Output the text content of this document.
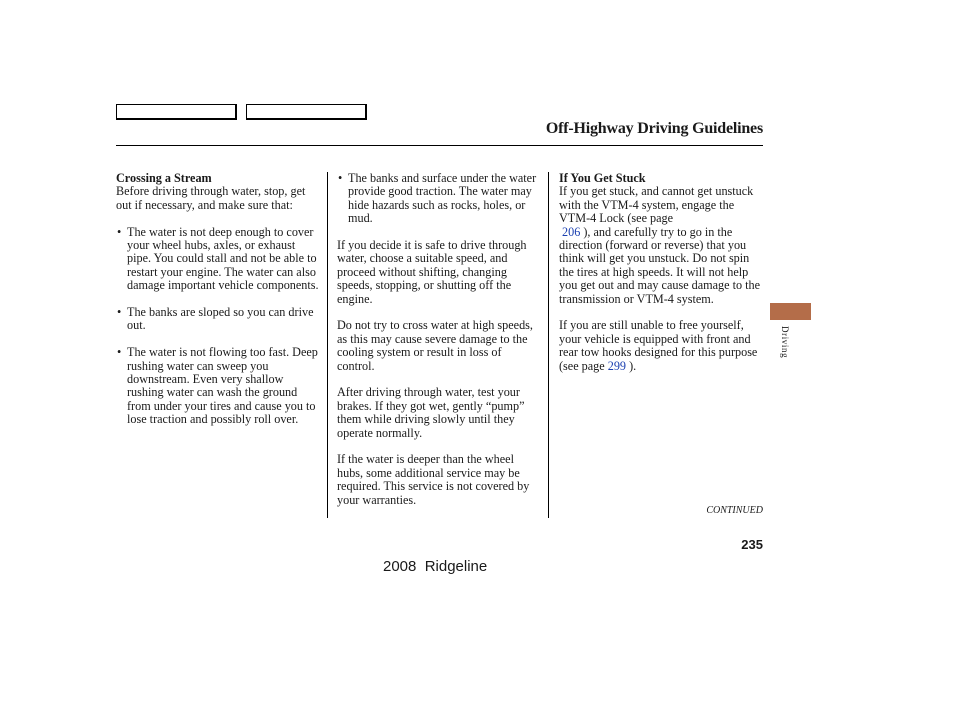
Off-Highway Driving Guidelines

Crossing a Stream

Before driving through water, stop, get out if necessary, and make sure that:

• The water is not deep enough to cover your wheel hubs, axles, or exhaust pipe. You could stall and not be able to restart your engine. The water can also damage important vehicle components.
• The banks are sloped so you can drive out.
• The water is not flowing too fast. Deep rushing water can sweep you downstream. Even very shallow rushing water can wash the ground from under your tires and cause you to lose traction and possibly roll over.
• The banks and surface under the water provide good traction. The water may hide hazards such as rocks, holes, or mud.

If you decide it is safe to drive through water, choose a suitable speed, and proceed without shifting, changing speeds, stopping, or shutting off the engine.

Do not try to cross water at high speeds, as this may cause severe damage to the cooling system or result in loss of control.

After driving through water, test your brakes. If they got wet, gently “pump” them while driving slowly until they operate normally.

If the water is deeper than the wheel hubs, some additional service may be required. This service is not covered by your warranties.

If You Get Stuck

If you get stuck, and cannot get unstuck with the VTM-4 system, engage the VTM-4 Lock (see page
206 ), and carefully try to go in the direction (forward or reverse) that you think will get you unstuck. Do not spin the tires at high speeds. It will not help you get out and may cause damage to the transmission or VTM-4 system.

If you are still unable to free yourself, your vehicle is equipped with front and rear tow hooks designed for this purpose (see page 299 ).

Driving
CONTINUED
235
2008  Ridgeline
